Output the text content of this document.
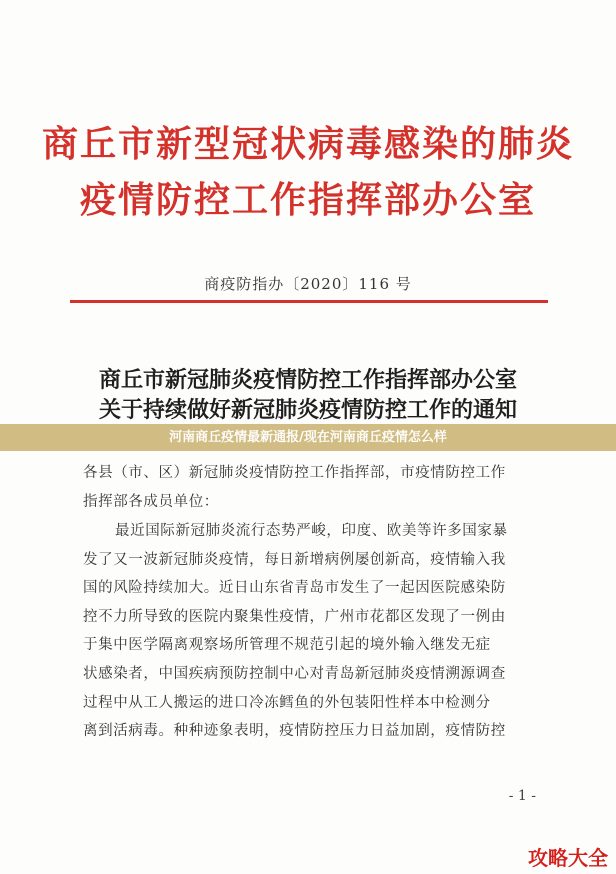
商丘市新型冠状病毒感染的肺炎
疫情防控工作指挥部办公室
商疫防指办〔2020〕116 号
商丘市新冠肺炎疫情防控工作指挥部办公室
关于持续做好新冠肺炎疫情防控工作的通知
河南商丘疫情最新通报/现在河南商丘疫情怎么样
各县（市、区）新冠肺炎疫情防控工作指挥部，市疫情防控工作
指挥部各成员单位：
最近国际新冠肺炎流行态势严峻，印度、欧美等许多国家暴
发了又一波新冠肺炎疫情，每日新增病例屡创新高，疫情输入我
国的风险持续加大。近日山东省青岛市发生了一起因医院感染防
控不力所导致的医院内聚集性疫情，广州市花都区发现了一例由
于集中医学隔离观察场所管理不规范引起的境外输入继发无症
状感染者，中国疾病预防控制中心对青岛新冠肺炎疫情溯源调查
过程中从工人搬运的进口冷冻鳕鱼的外包装阳性样本中检测分
离到活病毒。种种迹象表明，疫情防控压力日益加剧，疫情防控
- 1 -
攻略大全
